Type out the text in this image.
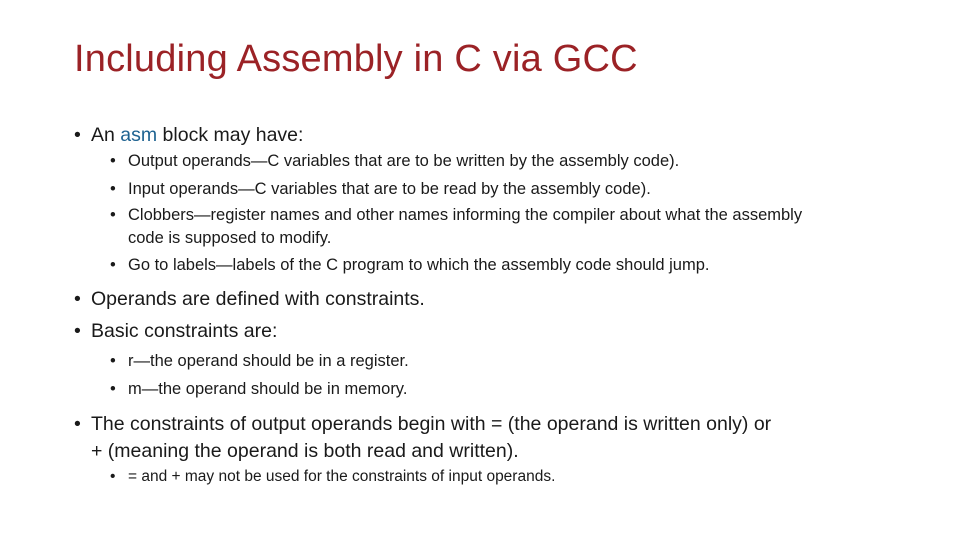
Including Assembly in C via GCC
• An asm block may have:
• Output operands—C variables that are to be written by the assembly code).
• Input operands—C variables that are to be read by the assembly code).
• Clobbers—register names and other names informing the compiler about what the assembly
code is supposed to modify.
• Go to labels—labels of the C program to which the assembly code should jump.
• Operands are defined with constraints.
• Basic constraints are:
• r—the operand should be in a register.
• m—the operand should be in memory.
• The constraints of output operands begin with = (the operand is written only) or
+ (meaning the operand is both read and written).
• = and + may not be used for the constraints of input operands.
